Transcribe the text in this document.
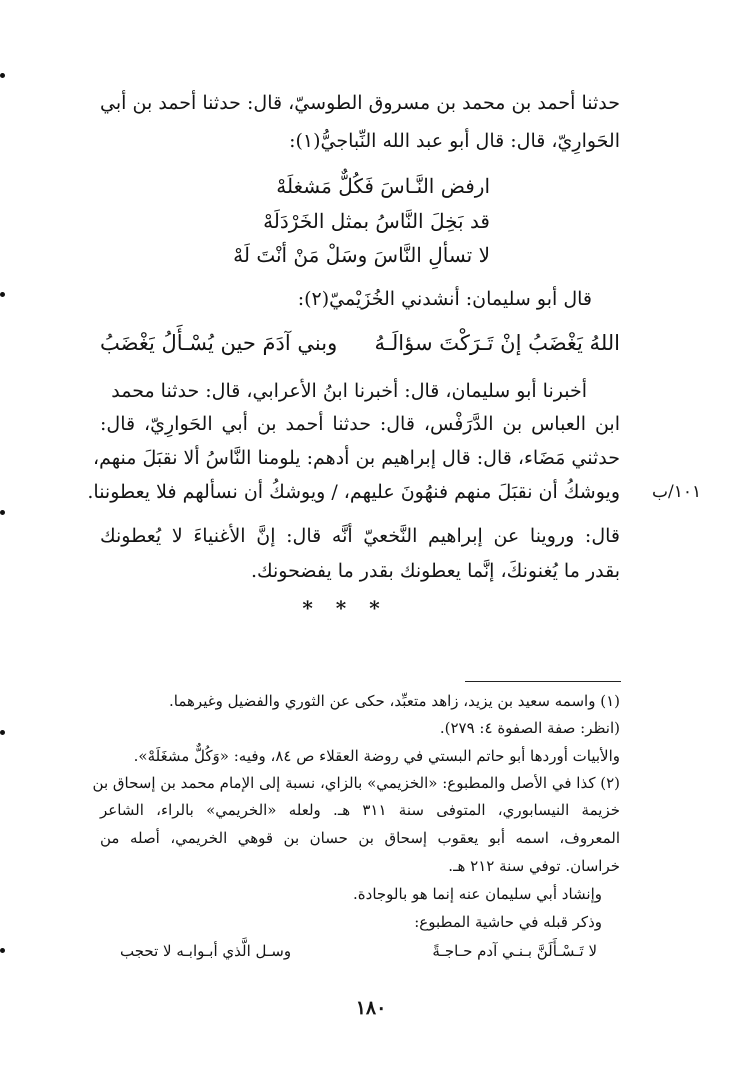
حدثنا أحمد بن محمد بن مسروق الطوسيّ، قال: حدثنا أحمد بن أبي
الحَوارِيّ، قال: قال أبو عبد الله النِّباجيُّ(١):
ارفض النَّـاسَ فَكُلٌّ مَشغلَهْ
قد بَخِلَ النَّاسُ بمثل الخَرْدَلَهْ
لا تسألِ النَّاسَ وسَلْ مَنْ أنْتَ لَهْ
قال أبو سليمان: أنشدني الخُزَيْميّ(٢):
اللهُ يَغْضَبُ إنْ تَـرَكْتَ سؤالَـهُ
وبني آدَمَ حين يُسْـأَلُ يَغْضَبُ
أخبرنا أبو سليمان، قال: أخبرنا ابنُ الأعرابي، قال: حدثنا محمد
ابن العباس بن الدَّرَفْس، قال: حدثنا أحمد بن أبي الحَوارِيّ، قال:
حدثني مَضَاء، قال: قال إبراهيم بن أدهم: يلومنا النَّاسُ ألا نقبَلَ منهم،
ويوشكُ أن نقبَلَ منهم فنهُونَ عليهم، / ويوشكُ أن نسألهم فلا يعطوننا. ١٠١/ب
قال: وروينا عن إبراهيم النَّخعيّ أنَّه قال: إنَّ الأغنياءَ لا يُعطونك
بقدر ما يُغنونكَ، إنَّما يعطونك بقدر ما يفضحونك.
* * *
(١) واسمه سعيد بن يزيد، زاهد متعبِّد، حكى عن الثوري والفضيل وغيرهما.
(انظر: صفة الصفوة ٤: ٢٧٩).
والأبيات أوردها أبو حاتم البستي في روضة العقلاء ص ٨٤، وفيه: «وَكُلٌّ مشغَلَهْ».
(٢) كذا في الأصل والمطبوع: «الخزيمي» بالزاي، نسبة إلى الإمام محمد بن إسحاق بن
خزيمة النيسابوري، المتوفى سنة ٣١١ هـ. ولعله «الخريمي» بالراء، الشاعر
المعروف، اسمه أبو يعقوب إسحاق بن حسان بن قوهي الخريمي، أصله من
خراسان. توفي سنة ٢١٢ هـ.
وإنشاد أبي سليمان عنه إنما هو بالوجادة.
وذكر قبله في حاشية المطبوع:
لا تَـسْـأَلَنَّ بـنـي آدم حـاجـةً
وسـل الَّذي أبـوابـه لا تحجب
١٨٠
